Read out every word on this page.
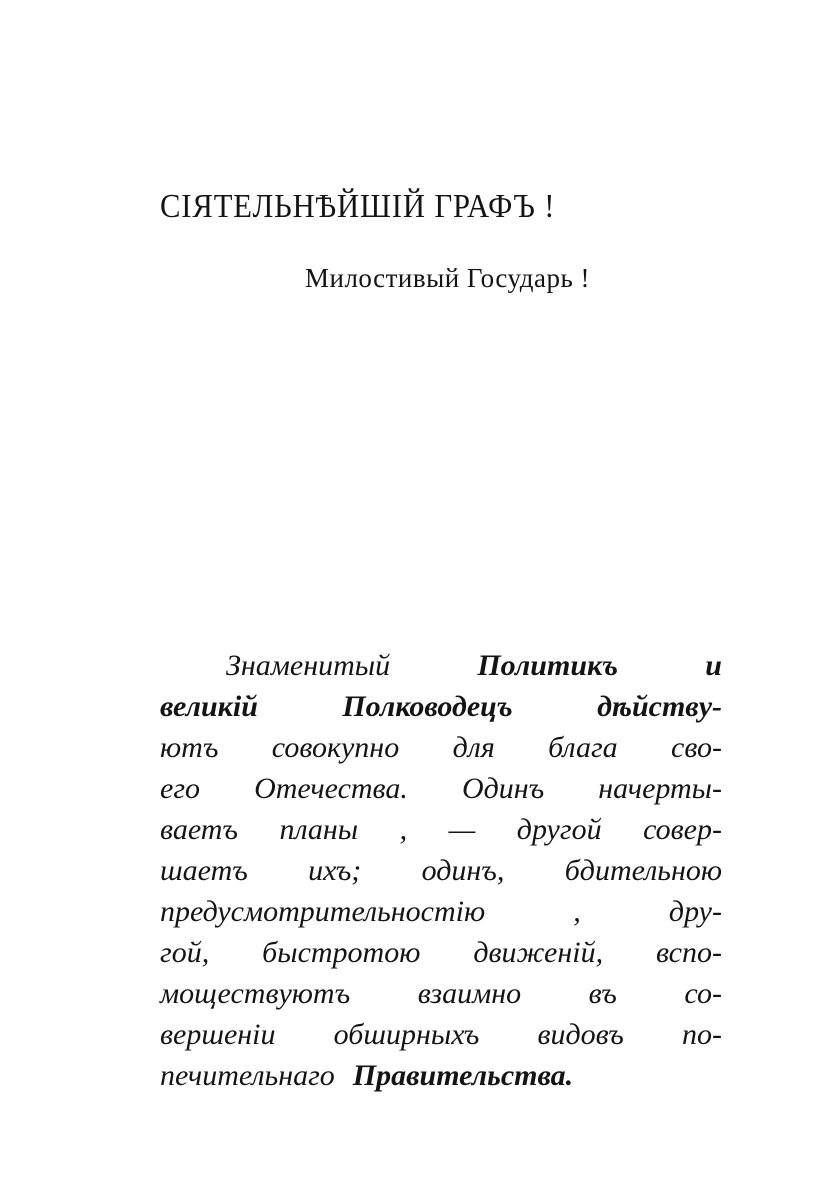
СІЯТЕЛЬНѢЙШІЙ ГРАФЪ !

Милостивый Государь !

Знаменитый	Политикъ	и
великій	Полководецъ	дѣйству-
ютъ совокупно для блага сво-
его Отечества. Одинъ начерты-
ваетъ планы , — другой совер-
шаетъ ихъ; одинъ, бдительною
предусмотрительностію	,	дру-
гой, быстротою движеній, вспо-
моществуютъ взаимно въ со-
вершеніи обширныхъ видовъ по-
печительнаго Правительства.
